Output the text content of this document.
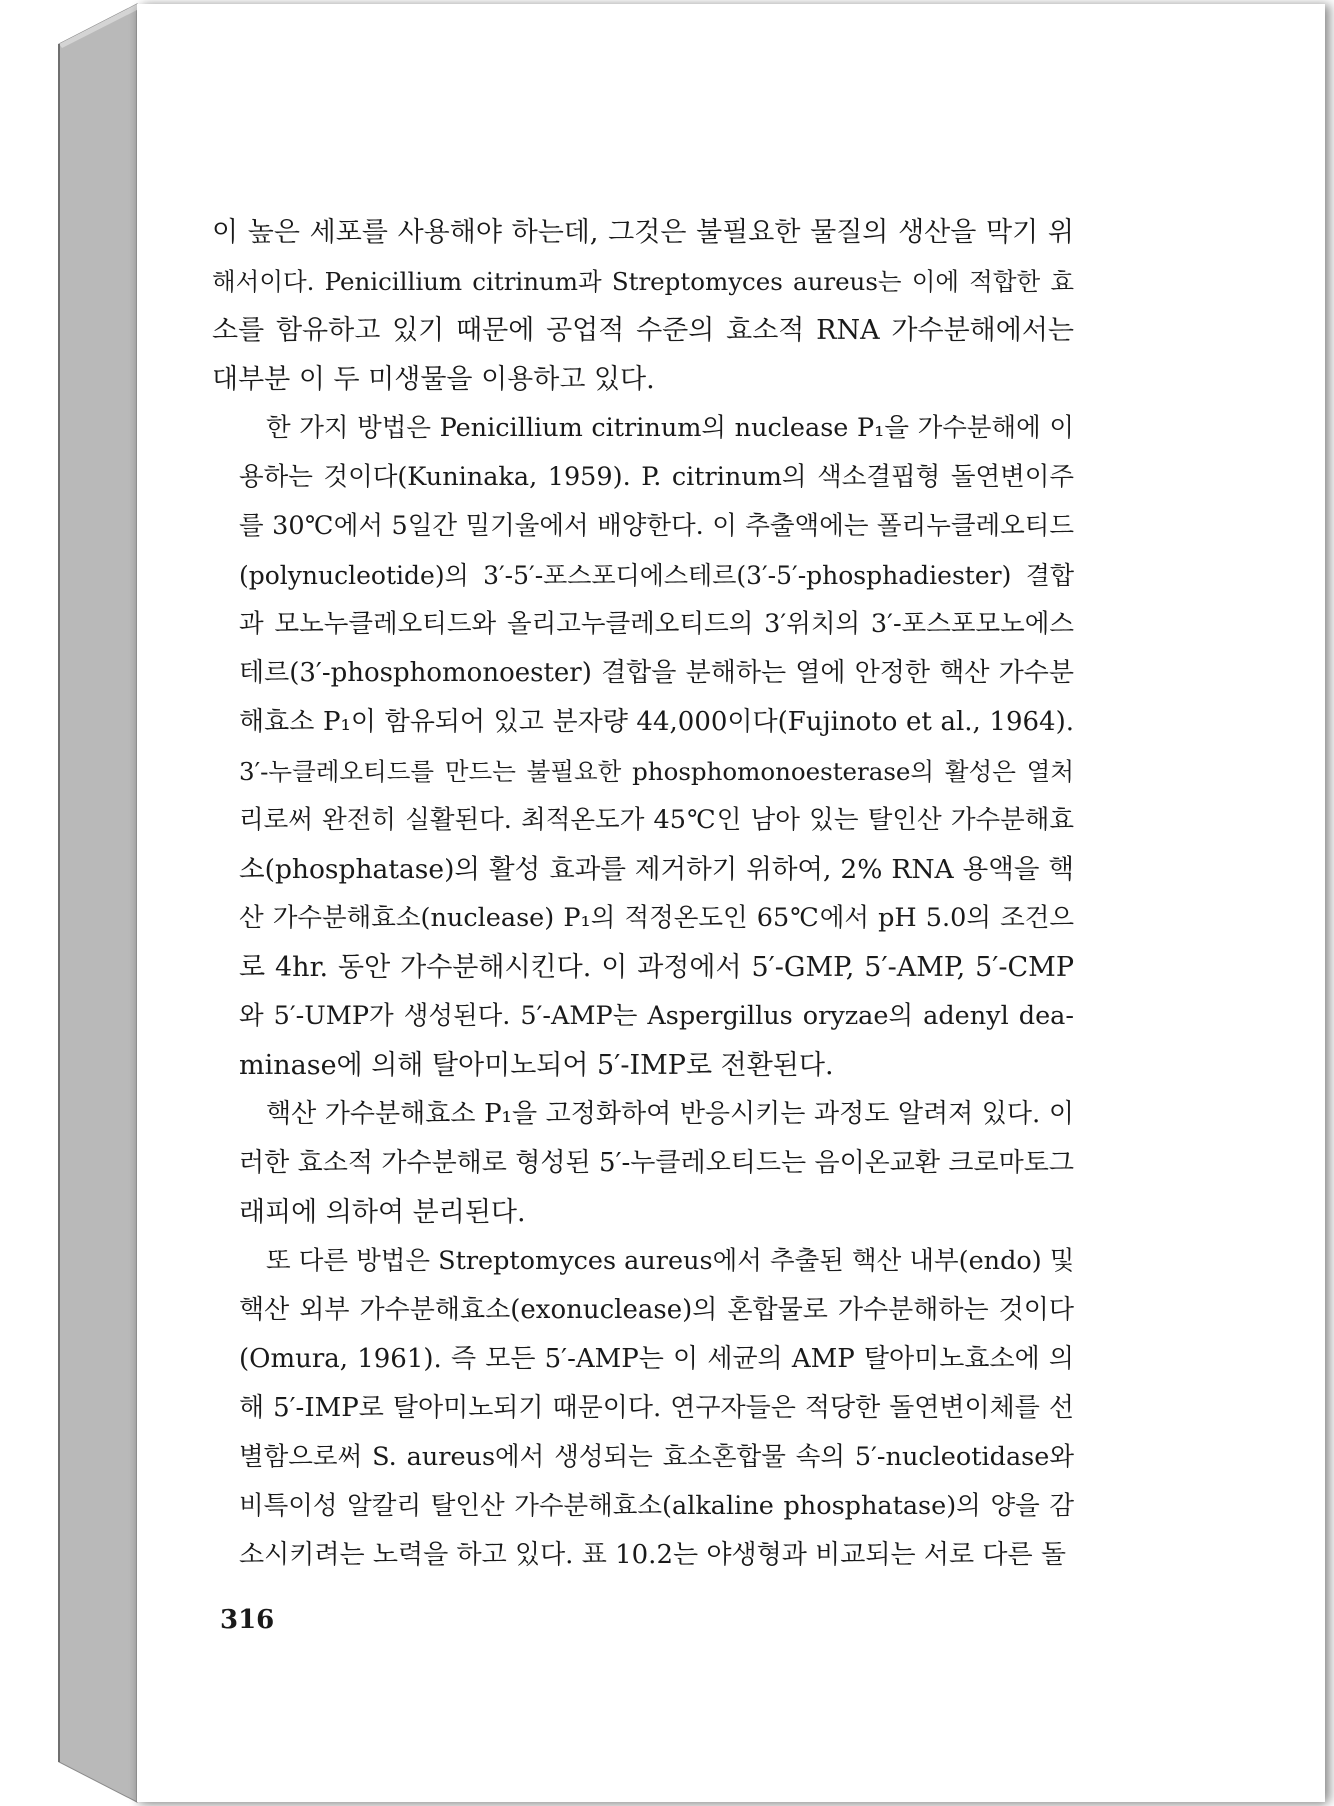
이 높은 세포를 사용해야 하는데, 그것은 불필요한 물질의 생산을 막기 위
해서이다. Penicillium citrinum과 Streptomyces aureus는 이에 적합한 효
소를 함유하고 있기 때문에 공업적 수준의 효소적 RNA 가수분해에서는
대부분 이 두 미생물을 이용하고 있다.
한 가지 방법은 Penicillium citrinum의 nuclease P₁을 가수분해에 이
용하는 것이다(Kuninaka, 1959). P. citrinum의 색소결핍형 돌연변이주
를 30℃에서 5일간 밀기울에서 배양한다. 이 추출액에는 폴리누클레오티드
(polynucleotide)의 3′-5′-포스포디에스테르(3′-5′-phosphadiester) 결합
과 모노누클레오티드와 올리고누클레오티드의 3′위치의 3′-포스포모노에스
테르(3′-phosphomonoester) 결합을 분해하는 열에 안정한 핵산 가수분
해효소 P₁이 함유되어 있고 분자량 44,000이다(Fujinoto et al., 1964).
3′-누클레오티드를 만드는 불필요한 phosphomonoesterase의 활성은 열처
리로써 완전히 실활된다. 최적온도가 45℃인 남아 있는 탈인산 가수분해효
소(phosphatase)의 활성 효과를 제거하기 위하여, 2% RNA 용액을 핵
산 가수분해효소(nuclease) P₁의 적정온도인 65℃에서 pH 5.0의 조건으
로 4hr. 동안 가수분해시킨다. 이 과정에서 5′-GMP, 5′-AMP, 5′-CMP
와 5′-UMP가 생성된다. 5′-AMP는 Aspergillus oryzae의 adenyl dea-
minase에 의해 탈아미노되어 5′-IMP로 전환된다.
핵산 가수분해효소 P₁을 고정화하여 반응시키는 과정도 알려져 있다. 이
러한 효소적 가수분해로 형성된 5′-누클레오티드는 음이온교환 크로마토그
래피에 의하여 분리된다.
또 다른 방법은 Streptomyces aureus에서 추출된 핵산 내부(endo) 및
핵산 외부 가수분해효소(exonuclease)의 혼합물로 가수분해하는 것이다
(Omura, 1961). 즉 모든 5′-AMP는 이 세균의 AMP 탈아미노효소에 의
해 5′-IMP로 탈아미노되기 때문이다. 연구자들은 적당한 돌연변이체를 선
별함으로써 S. aureus에서 생성되는 효소혼합물 속의 5′-nucleotidase와
비특이성 알칼리 탈인산 가수분해효소(alkaline phosphatase)의 양을 감
소시키려는 노력을 하고 있다. 표 10.2는 야생형과 비교되는 서로 다른 돌
316
